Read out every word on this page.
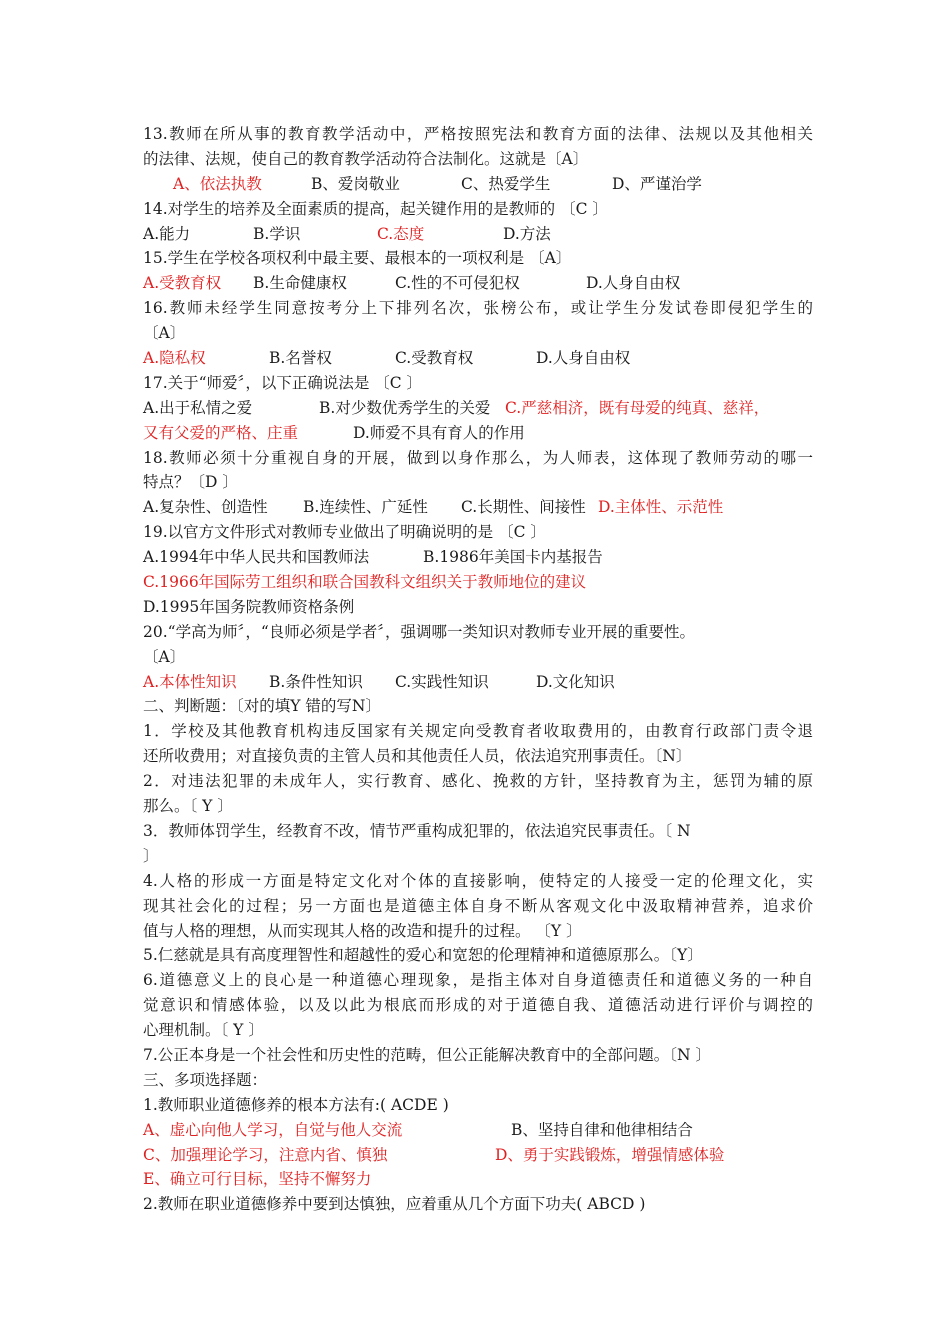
13.教师在所从事的教育教学活动中，严格按照宪法和教育方面的法律、法规以及其他相关
的法律、法规，使自己的教育教学活动符合法制化。这就是〔A〕
A、依法执教	B、爱岗敬业	C、热爱学生	D、严谨治学
14.对学生的培养及全面素质的提高，起关键作用的是教师的 〔C 〕
A.能力	B.学识	C.态度	D.方法
15.学生在学校各项权利中最主要、最根本的一项权利是 〔A〕
A.受教育权 B.生命健康权	C.性的不可侵犯权	D.人身自由权
16.教师未经学生同意按考分上下排列名次，张榜公布，或让学生分发试卷即侵犯学生的
〔A〕
A.隐私权	B.名誉权	C.受教育权	D.人身自由权
17.关于“师爱〞，以下正确说法是 〔C 〕
A.出于私情之爱	B.对少数优秀学生的关爱 C.严慈相济，既有母爱的纯真、慈祥，
又有父爱的严格、庄重	D.师爱不具有育人的作用
18.教师必须十分重视自身的开展，做到以身作那么，为人师表，这体现了教师劳动的哪一
特点？〔D 〕
A.复杂性、创造性 B.连续性、广延性 C.长期性、间接性 D.主体性、示范性
19.以官方文件形式对教师专业做出了明确说明的是 〔C 〕
A.1994年中华人民共和国教师法	B.1986年美国卡内基报告
C.1966年国际劳工组织和联合国教科文组织关于教师地位的建议
D.1995年国务院教师资格条例
20.“学高为师〞，“良师必须是学者〞，强调哪一类知识对教师专业开展的重要性。
〔A〕
A.本体性知识 B.条件性知识 C.实践性知识	D.文化知识
二、判断题：〔对的填Y 错的写N〕
1．学校及其他教育机构违反国家有关规定向受教育者收取费用的，由教育行政部门责令退
还所收费用；对直接负责的主管人员和其他责任人员，依法追究刑事责任。〔N〕
2．对违法犯罪的未成年人，实行教育、感化、挽救的方针，坚持教育为主，惩罚为辅的原
那么。〔 Y 〕
3．教师体罚学生，经教育不改，情节严重构成犯罪的，依法追究民事责任。〔 N
〕
4.人格的形成一方面是特定文化对个体的直接影响，使特定的人接受一定的伦理文化，实
现其社会化的过程；另一方面也是道德主体自身不断从客观文化中汲取精神营养，追求价
值与人格的理想，从而实现其人格的改造和提升的过程。 〔Y 〕
5.仁慈就是具有高度理智性和超越性的爱心和宽恕的伦理精神和道德原那么。〔Y〕
6.道德意义上的良心是一种道德心理现象，是指主体对自身道德责任和道德义务的一种自
觉意识和情感体验，以及以此为根底而形成的对于道德自我、道德活动进行评价与调控的
心理机制。〔 Y 〕
7.公正本身是一个社会性和历史性的范畴，但公正能解决教育中的全部问题。〔N 〕
三、多项选择题：
1.教师职业道德修养的根本方法有:( ACDE )
A、虚心向他人学习，自觉与他人交流	B、坚持自律和他律相结合
C、加强理论学习，注意内省、慎独	D、勇于实践锻炼，增强情感体验
E、确立可行目标，坚持不懈努力
2.教师在职业道德修养中要到达慎独，应着重从几个方面下功夫( ABCD )
